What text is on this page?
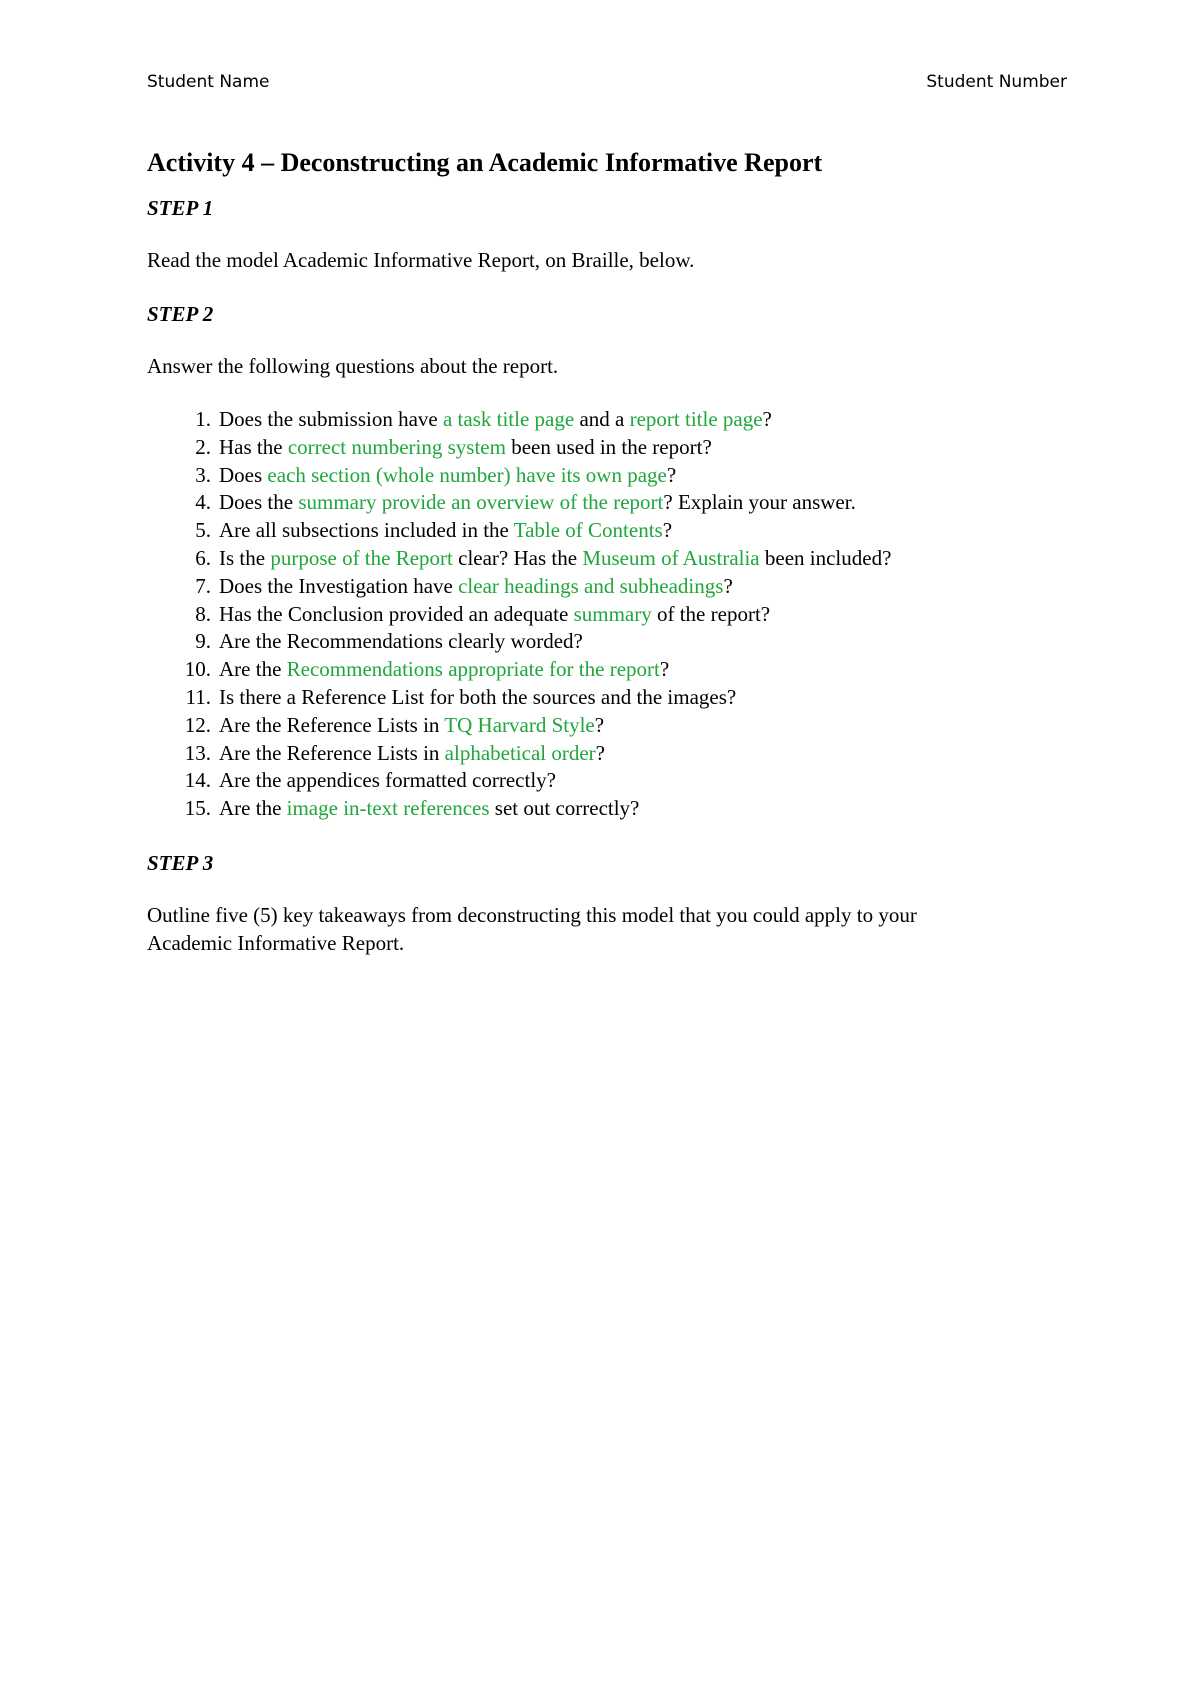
Student Name	Student Number
Activity 4 – Deconstructing an Academic Informative Report
STEP 1
Read the model Academic Informative Report, on Braille, below.
STEP 2
Answer the following questions about the report.
1. Does the submission have a task title page and a report title page?
2. Has the correct numbering system been used in the report?
3. Does each section (whole number) have its own page?
4. Does the summary provide an overview of the report? Explain your answer.
5. Are all subsections included in the Table of Contents?
6. Is the purpose of the Report clear? Has the Museum of Australia been included?
7. Does the Investigation have clear headings and subheadings?
8. Has the Conclusion provided an adequate summary of the report?
9. Are the Recommendations clearly worded?
10. Are the Recommendations appropriate for the report?
11. Is there a Reference List for both the sources and the images?
12. Are the Reference Lists in TQ Harvard Style?
13. Are the Reference Lists in alphabetical order?
14. Are the appendices formatted correctly?
15. Are the image in-text references set out correctly?
STEP 3
Outline five (5) key takeaways from deconstructing this model that you could apply to your
Academic Informative Report.
